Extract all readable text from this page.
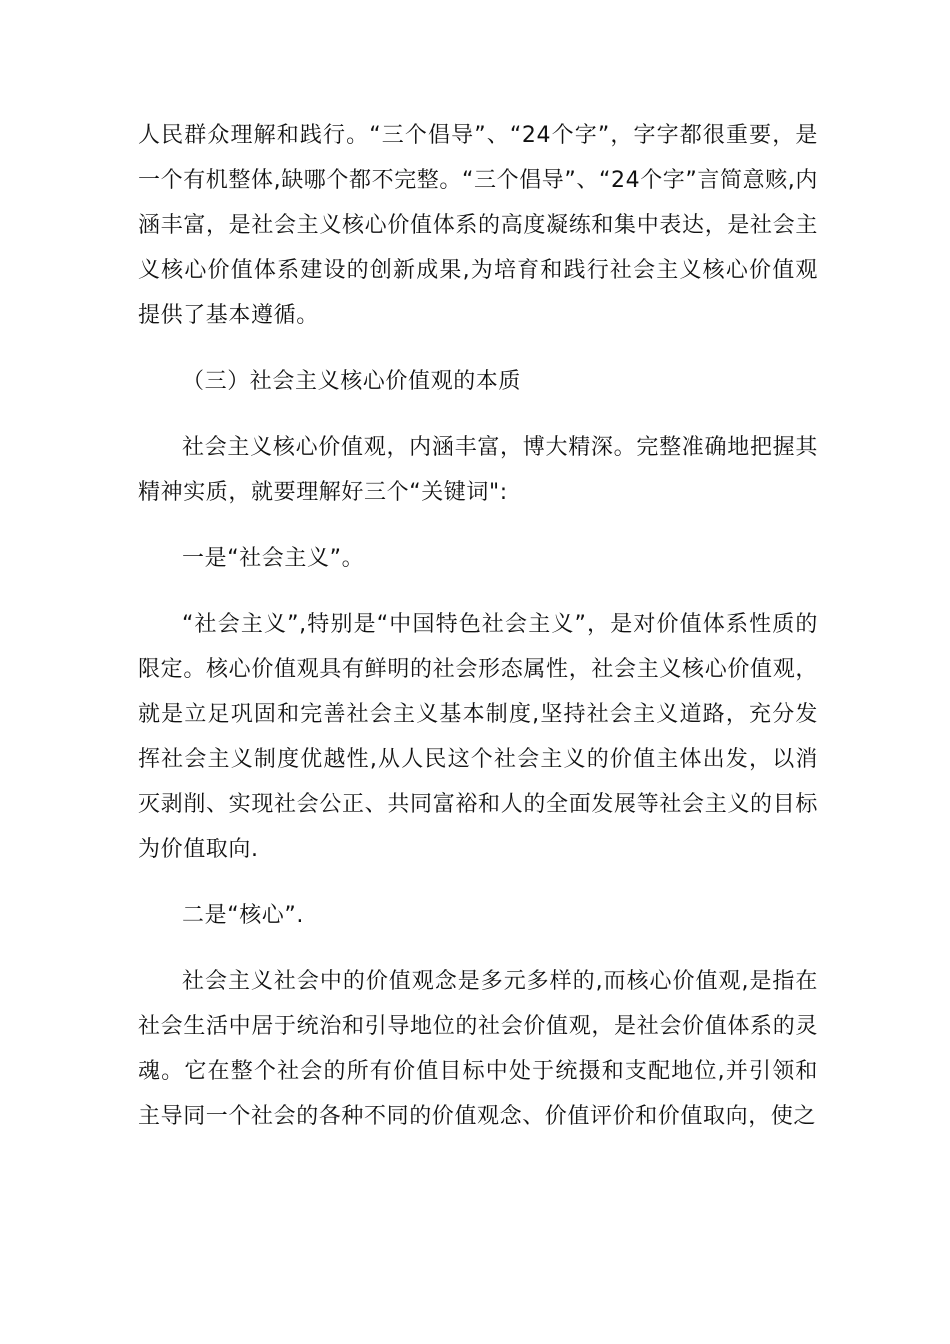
人民群众理解和践行。“三个倡导”、“24个字”，字字都很重要，是一个有机整体,缺哪个都不完整。“三个倡导”、“24个字”言简意赅,内涵丰富，是社会主义核心价值体系的高度凝练和集中表达，是社会主义核心价值体系建设的创新成果,为培育和践行社会主义核心价值观提供了基本遵循。

（三）社会主义核心价值观的本质

社会主义核心价值观，内涵丰富，博大精深。完整准确地把握其精神实质，就要理解好三个“关键词":

一是“社会主义”。

“社会主义”,特别是“中国特色社会主义”，是对价值体系性质的限定。核心价值观具有鲜明的社会形态属性，社会主义核心价值观，就是立足巩固和完善社会主义基本制度,坚持社会主义道路，充分发挥社会主义制度优越性,从人民这个社会主义的价值主体出发，以消灭剥削、实现社会公正、共同富裕和人的全面发展等社会主义的目标为价值取向.

二是“核心”.

社会主义社会中的价值观念是多元多样的,而核心价值观,是指在社会生活中居于统治和引导地位的社会价值观，是社会价值体系的灵魂。它在整个社会的所有价值目标中处于统摄和支配地位,并引领和主导同一个社会的各种不同的价值观念、价值评价和价值取向，使之
